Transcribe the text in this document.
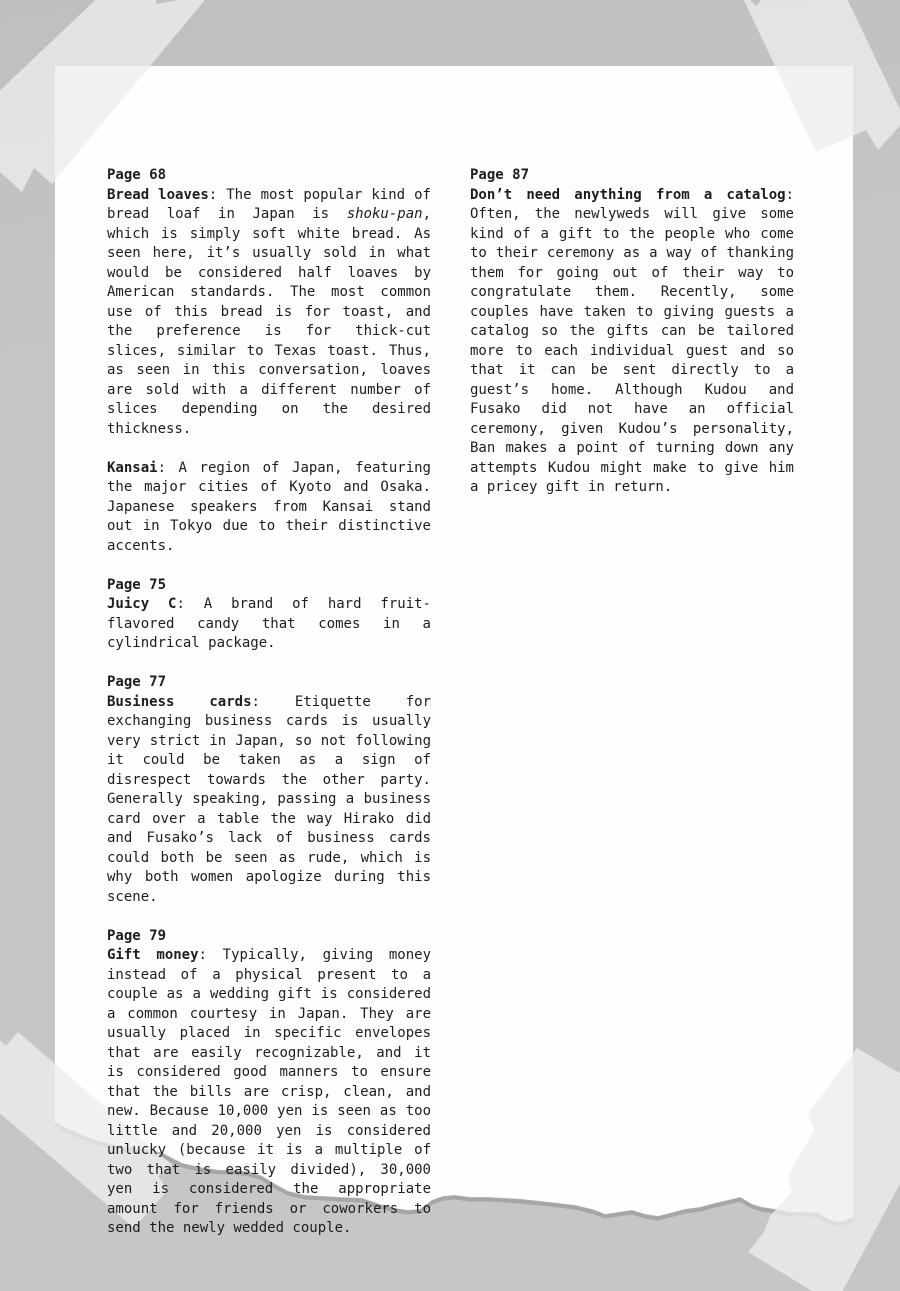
Page 68

Bread loaves: The most popular kind of bread loaf in Japan is shoku-pan, which is simply soft white bread. As seen here, it’s usually sold in what would be considered half loaves by American standards. The most common use of this bread is for toast, and the preference is for thick-cut slices, similar to Texas toast. Thus, as seen in this conversation, loaves are sold with a different number of slices depending on the desired thickness.

Kansai: A region of Japan, featuring the major cities of Kyoto and Osaka. Japanese speakers from Kansai stand out in Tokyo due to their distinctive accents.

Page 75

Juicy C: A brand of hard fruit-flavored candy that comes in a cylindrical package.

Page 77

Business cards: Etiquette for exchanging business cards is usually very strict in Japan, so not following it could be taken as a sign of disrespect towards the other party. Generally speaking, passing a business card over a table the way Hirako did and Fusako’s lack of business cards could both be seen as rude, which is why both women apologize during this scene.

Page 79

Gift money: Typically, giving money instead of a physical present to a couple as a wedding gift is considered a common courtesy in Japan. They are usually placed in specific envelopes that are easily recognizable, and it is considered good manners to ensure that the bills are crisp, clean, and new. Because 10,000 yen is seen as too little and 20,000 yen is considered unlucky (because it is a multiple of two that is easily divided), 30,000 yen is considered the appropriate amount for friends or coworkers to send the newly wedded couple.

Page 87

Don’t need anything from a catalog: Often, the newlyweds will give some kind of a gift to the people who come to their ceremony as a way of thanking them for going out of their way to congratulate them. Recently, some couples have taken to giving guests a catalog so the gifts can be tailored more to each individual guest and so that it can be sent directly to a guest’s home. Although Kudou and Fusako did not have an official ceremony, given Kudou’s personality, Ban makes a point of turning down any attempts Kudou might make to give him a pricey gift in return.
